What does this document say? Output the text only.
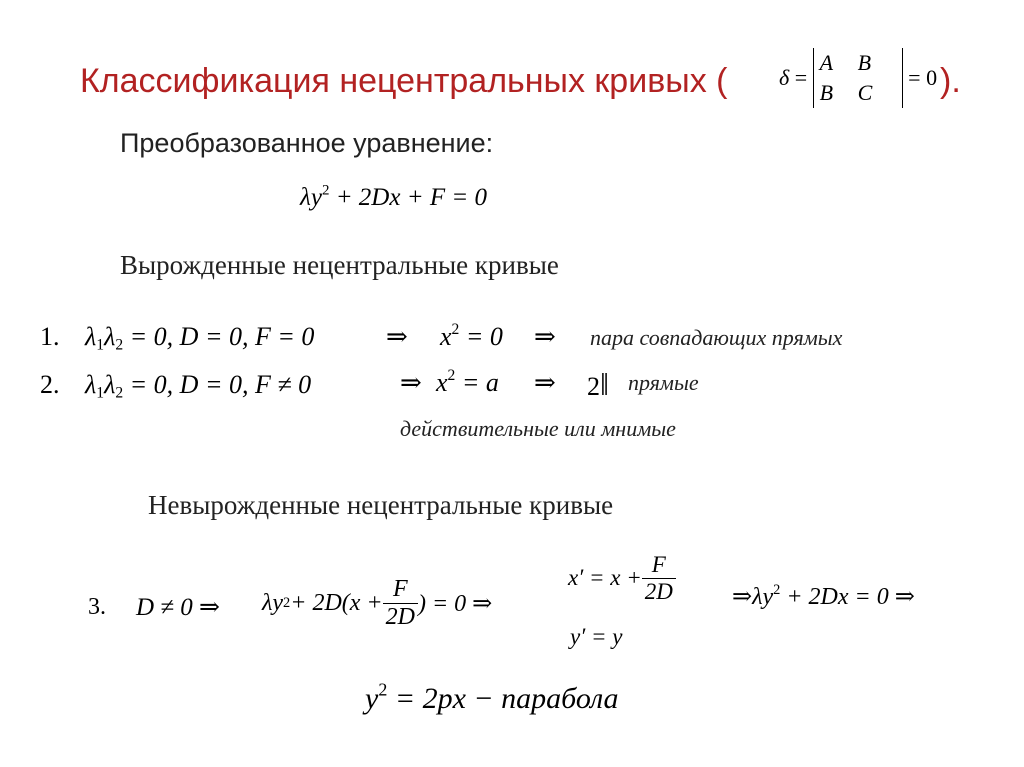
Классификация нецентральных кривых ( δ =
A B
B C
= 0 ).
Преобразованное уравнение:
$\lambda y^2 + 2Dx + F = 0$
Вырожденные нецентральные кривые
1. $\lambda_1\lambda_2 = 0$, D = 0, F = 0	⇒ $x^2 = 0$ ⇒ пара совпадающих прямых
2. $\lambda_1\lambda_2 = 0$, D = 0, F ≠ 0	⇒ $x^2 = a$ ⇒ 2‖ прямые
действительные или мнимые
Невырожденные нецентральные кривые
3. D ≠ 0 ⇒ λy $2 + 2D(x + \frac{F}{2D}$ ) = 0 ⇒
$x' = x + \frac{F}{2D}$
y′ = y
$\Rightarrow\lambda y^2 + 2Dx = 0$ ⇒
$y^2 = 2px$ − парабола
